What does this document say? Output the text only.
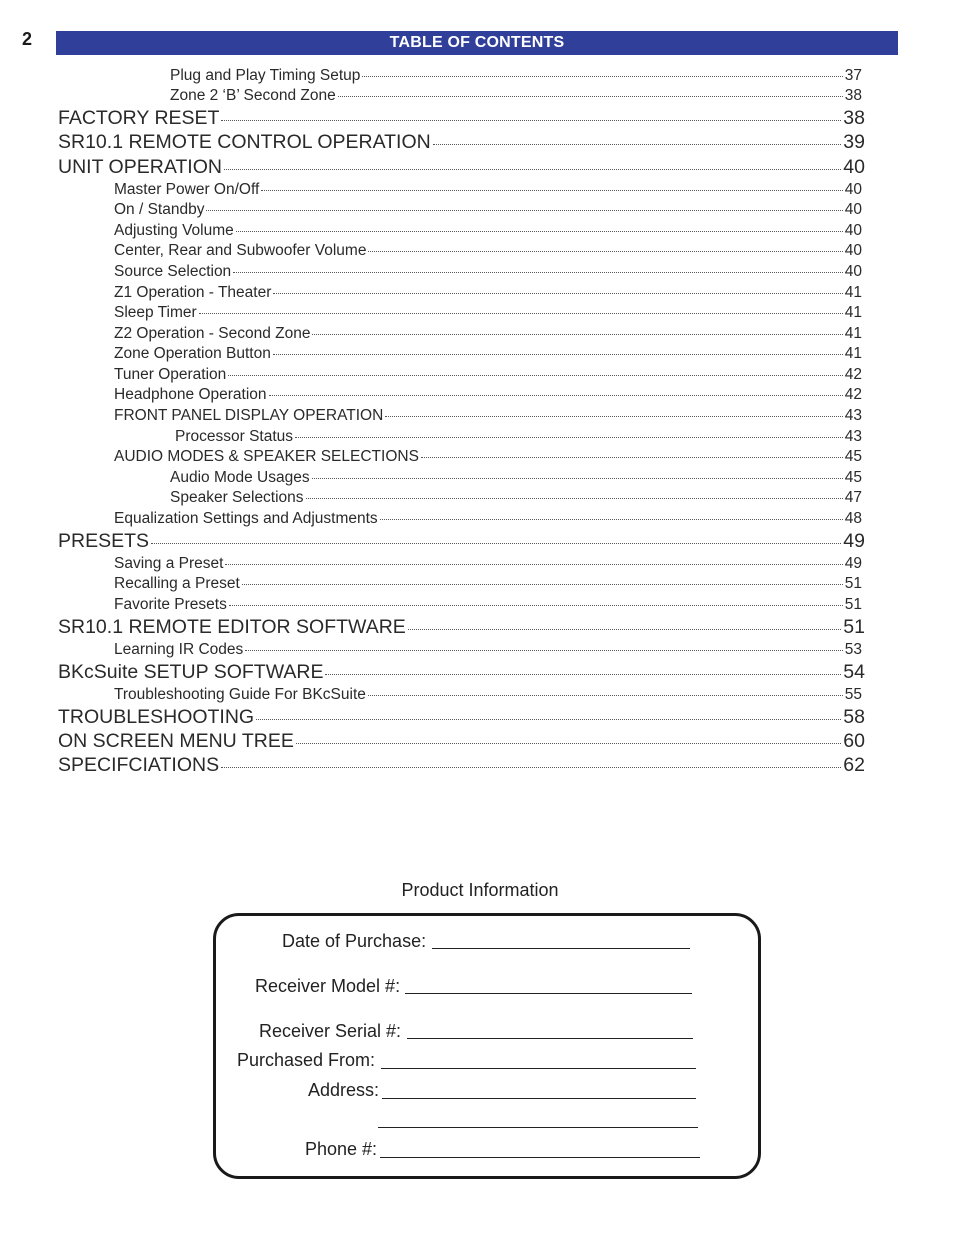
2	TABLE OF CONTENTS
Plug and Play Timing Setup	37
Zone 2 ‘B’ Second Zone	38
FACTORY RESET	38
SR10.1 REMOTE CONTROL OPERATION	39
UNIT OPERATION	40
Master Power On/Off	40
On / Standby	40
Adjusting Volume	40
Center, Rear and Subwoofer Volume	40
Source Selection	40
Z1 Operation - Theater	41
Sleep Timer	41
Z2 Operation - Second Zone	41
Zone Operation Button	41
Tuner Operation	42
Headphone Operation	42
FRONT PANEL DISPLAY OPERATION	43
Processor Status	43
AUDIO MODES & SPEAKER SELECTIONS	45
Audio Mode Usages	45
Speaker Selections	47
Equalization Settings and Adjustments	48
PRESETS	49
Saving a Preset	49
Recalling a Preset	51
Favorite Presets	51
SR10.1 REMOTE EDITOR SOFTWARE	51
Learning IR Codes	53
BKcSuite SETUP SOFTWARE	54
Troubleshooting Guide For BKcSuite	55
TROUBLESHOOTING	58
ON SCREEN MENU TREE	60
SPECIFCIATIONS	62
Product Information
Date of Purchase:
Receiver Model #:
Receiver Serial #:
Purchased From:
Address:
Phone #:
